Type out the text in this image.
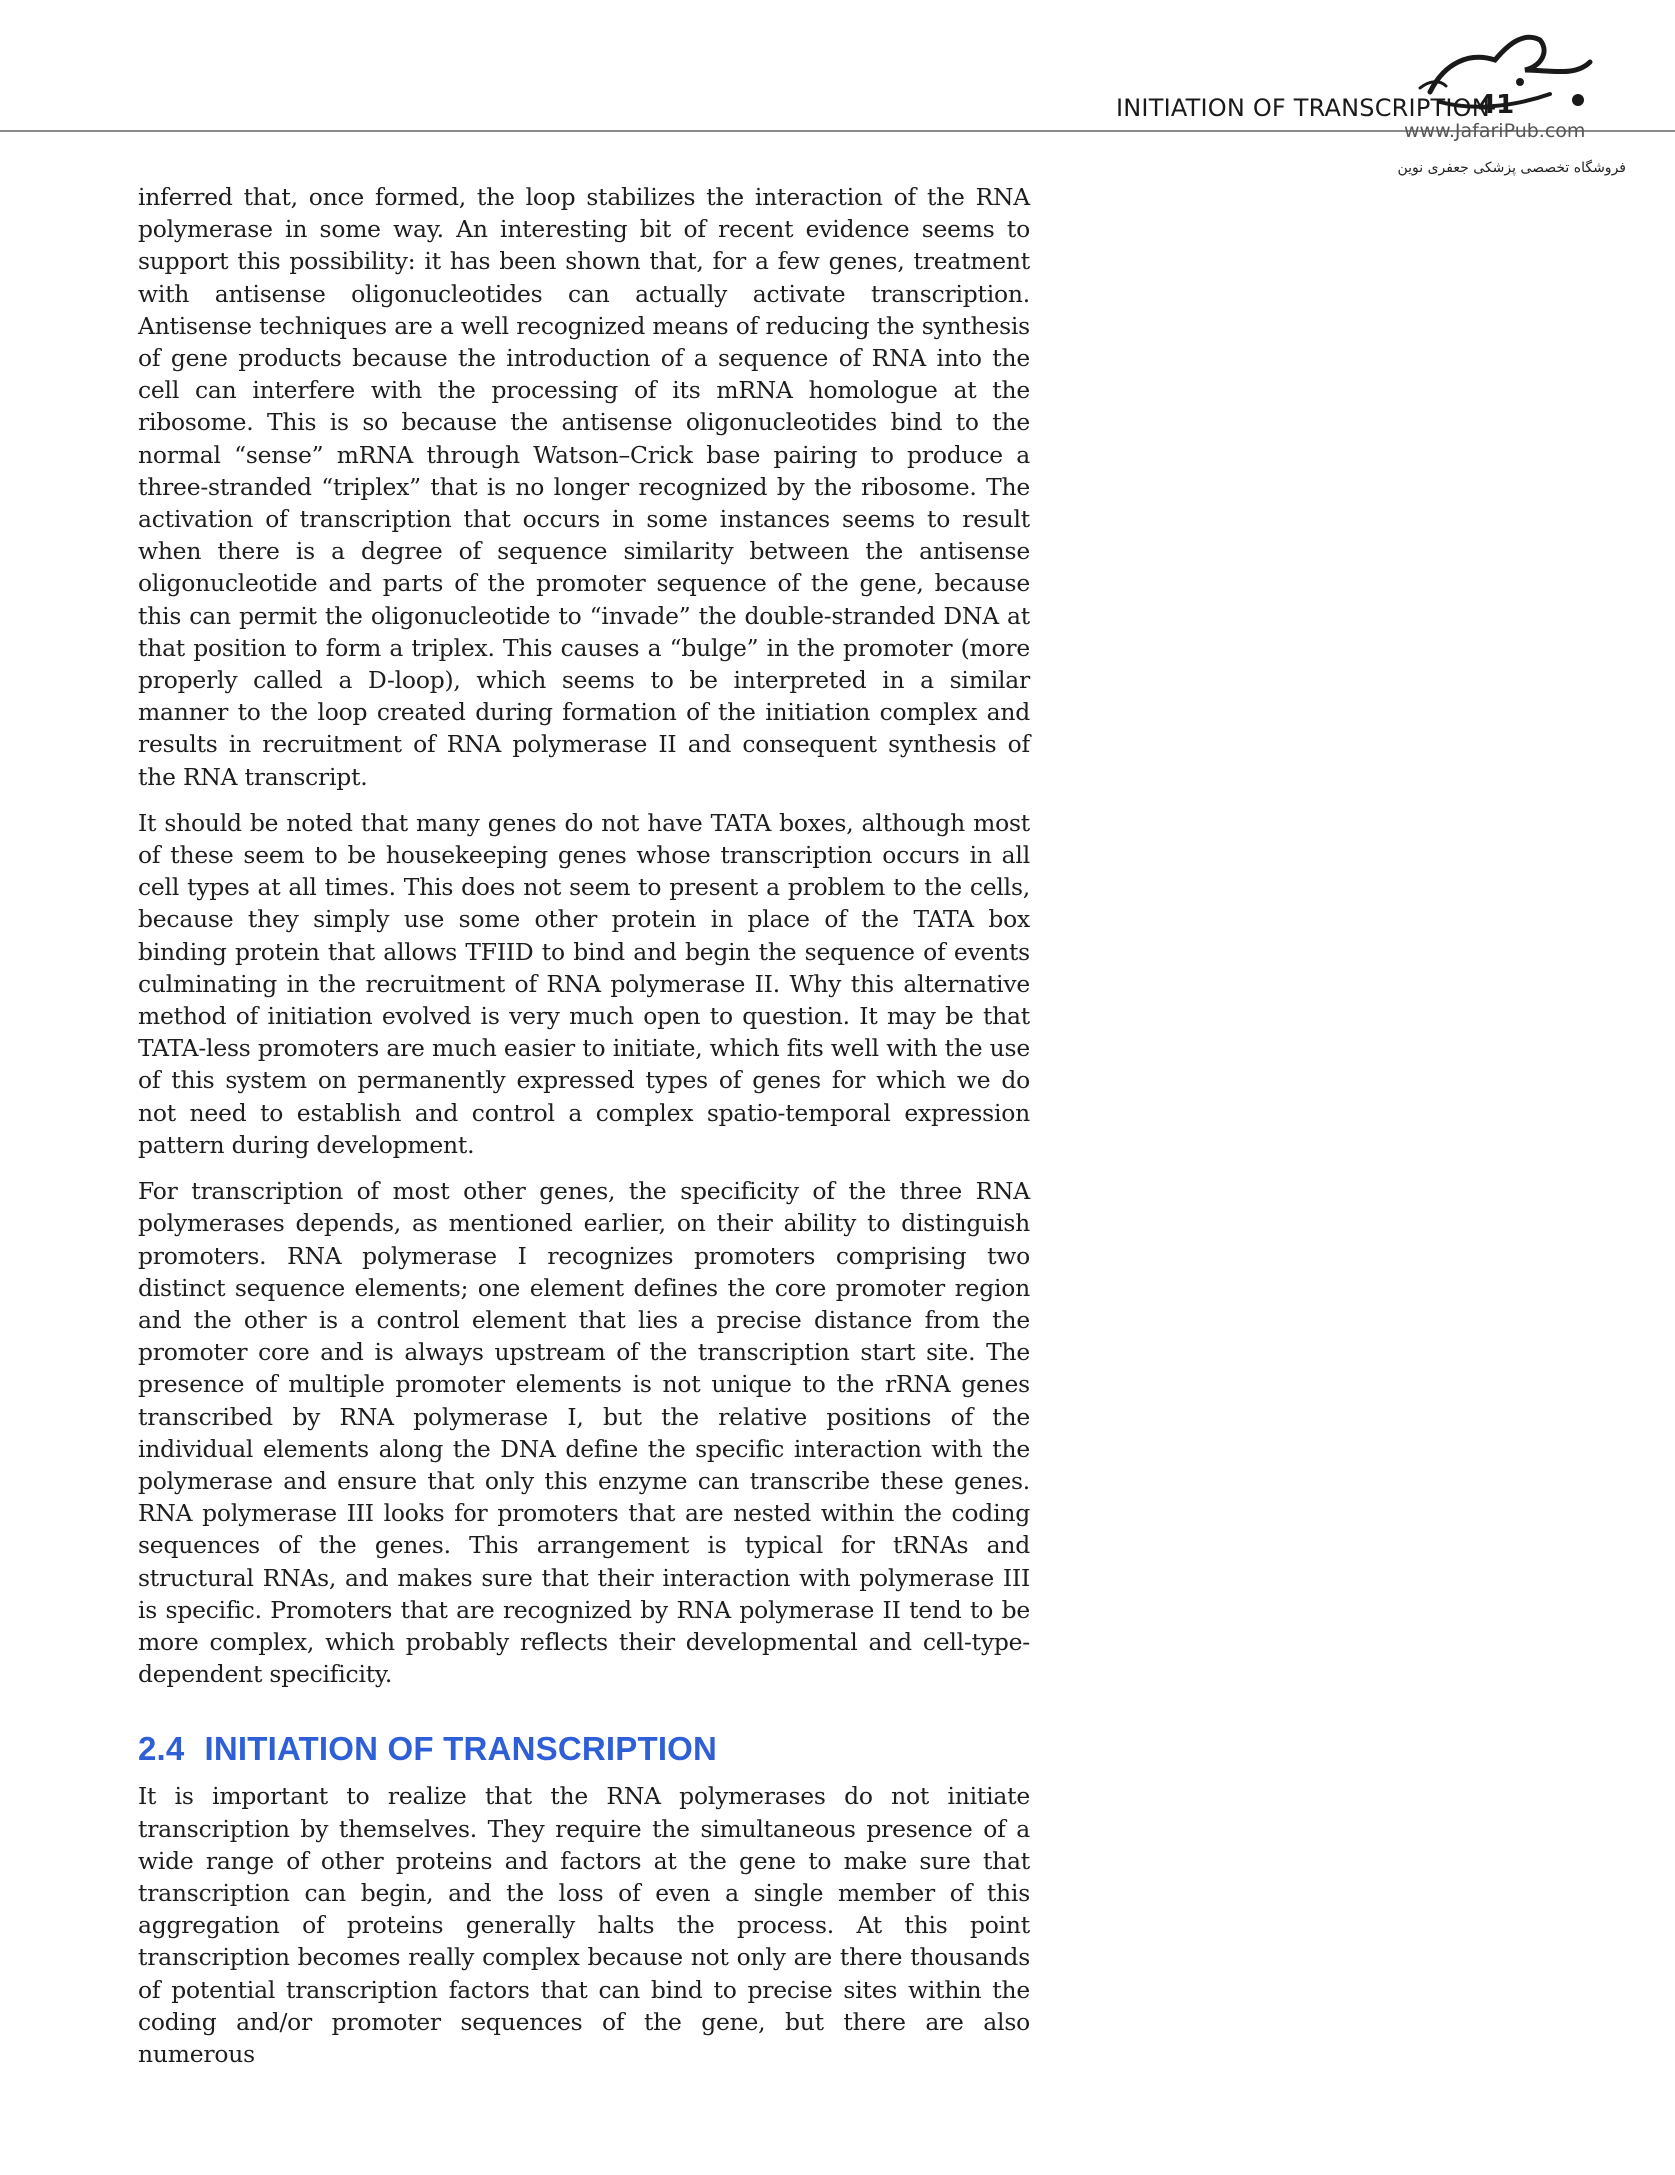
INITIATION OF TRANSCRIPTION
41
www.JafariPub.com
فروشگاه تخصصی پزشکی جعفری نوین

inferred that, once formed, the loop stabilizes the interaction of the RNA polymerase in some way. An interesting bit of recent evidence seems to support this possibility: it has been shown that, for a few genes, treatment with antisense oligonucleotides can actually activate transcription. Antisense techniques are a well recognized means of reducing the synthesis of gene products because the introduction of a sequence of RNA into the cell can interfere with the processing of its mRNA homologue at the ribosome. This is so because the antisense oligonucleotides bind to the normal “sense” mRNA through Watson–Crick base pairing to produce a three-stranded “triplex” that is no longer recognized by the ribosome. The activation of transcription that occurs in some instances seems to result when there is a degree of sequence similarity between the antisense oligonucleotide and parts of the promoter sequence of the gene, because this can permit the oligonucleotide to “invade” the double-stranded DNA at that position to form a triplex. This causes a “bulge” in the promoter (more properly called a D-loop), which seems to be interpreted in a similar manner to the loop created during formation of the initiation complex and results in recruitment of RNA polymerase II and consequent synthesis of the RNA transcript.

It should be noted that many genes do not have TATA boxes, although most of these seem to be housekeeping genes whose transcription occurs in all cell types at all times. This does not seem to present a problem to the cells, because they simply use some other protein in place of the TATA box binding protein that allows TFIID to bind and begin the sequence of events culminating in the recruitment of RNA polymerase II. Why this alternative method of initiation evolved is very much open to question. It may be that TATA-less promoters are much easier to initiate, which fits well with the use of this system on permanently expressed types of genes for which we do not need to establish and control a complex spatio-temporal expression pattern during development.

For transcription of most other genes, the specificity of the three RNA polymerases depends, as mentioned earlier, on their ability to distinguish promoters. RNA polymerase I recognizes promoters comprising two distinct sequence elements; one element defines the core promoter region and the other is a control element that lies a precise distance from the promoter core and is always upstream of the transcription start site. The presence of multiple promoter elements is not unique to the rRNA genes transcribed by RNA polymerase I, but the relative positions of the individual elements along the DNA define the specific interaction with the polymerase and ensure that only this enzyme can transcribe these genes. RNA polymerase III looks for promoters that are nested within the coding sequences of the genes. This arrangement is typical for tRNAs and structural RNAs, and makes sure that their interaction with polymerase III is specific. Promoters that are recognized by RNA polymerase II tend to be more complex, which probably reflects their developmental and cell-type-dependent specificity.

2.4 INITIATION OF TRANSCRIPTION

It is important to realize that the RNA polymerases do not initiate transcription by themselves. They require the simultaneous presence of a wide range of other proteins and factors at the gene to make sure that transcription can begin, and the loss of even a single member of this aggregation of proteins generally halts the process. At this point transcription becomes really complex because not only are there thousands of potential transcription factors that can bind to precise sites within the coding and/or promoter sequences of the gene, but there are also numerous
